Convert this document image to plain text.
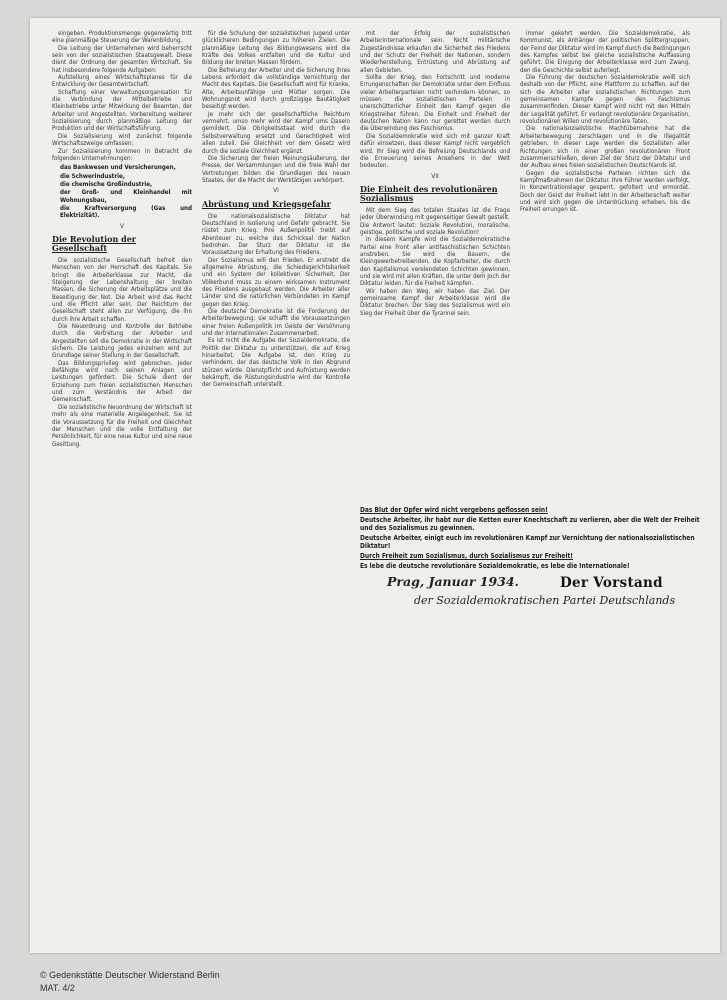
eingeben. Produktionsmenge gegenwärtig tritt eine planmäßige Steuerung der Warenbildung.

Die Leitung der Unternehmen wird beherrscht sein von der sozialistischen Staatsgewalt. Diese dient der Ordnung der gesamten Wirtschaft. Sie hat insbesondere folgende Aufgaben:

Aufstellung eines Wirtschaftsplanes für die Entwicklung der Gesamtwirtschaft.

Schaffung einer Verwaltungsorganisation für die Verbindung der Mittelbetriebe und Kleinbetriebe unter Mitwirkung der Beamten, der Arbeiter und Angestellten. Vorbereitung weiterer Sozialisierung durch planmäßige Leitung der Produktion und der Wirtschaftsführung.

Die Sozialisierung wird zunächst folgende Wirtschaftszweige umfassen:

Zur Sozialisierung kommen in Betracht die folgenden Unternehmungen:

das Bankwesen und Versicherungen,
die Schwerindustrie,
die chemische Großindustrie,
der Groß- und Kleinhandel mit Wohnungsbau,
die Kraftversorgung (Gas und Elektrizität).
V
Die Revolution der Gesellschaft

Die sozialistische Gesellschaft befreit den Menschen von der Herrschaft des Kapitals. Sie bringt die Arbeiterklasse zur Macht, die Steigerung der Lebenshaltung der breiten Massen, die Sicherung der Arbeitsplätze und die Beseitigung der Not. Die Arbeit wird das Recht und die Pflicht aller sein. Der Reichtum der Gesellschaft steht allen zur Verfügung, die ihn durch ihre Arbeit schaffen.

Die Neuordnung und Kontrolle der Betriebe durch die Vertretung der Arbeiter und Angestellten soll die Demokratie in der Wirtschaft sichern. Die Leistung jedes einzelnen wird zur Grundlage seiner Stellung in der Gesellschaft.

Das Bildungsprivileg wird gebrochen. Jeder Befähigte wird nach seinen Anlagen und Leistungen gefördert. Die Schule dient der Erziehung zum freien sozialistischen Menschen und zum Verständnis der Arbeit der Gemeinschaft.

Die sozialistische Neuordnung der Wirtschaft ist mehr als eine materielle Angelegenheit. Sie ist die Voraussetzung für die Freiheit und Gleichheit der Menschen und die volle Entfaltung der Persönlichkeit, für eine neue Kultur und eine neue Gesittung.

für die Schulung der sozialistischen Jugend unter glücklicheren Bedingungen zu höheren Zielen. Die planmäßige Leitung des Bildungswesens wird die Kräfte des Volkes entfalten und die Kultur und Bildung der breiten Massen fördern.

Die Befreiung der Arbeiter und die Sicherung ihres Lebens erfordert die vollständige Vernichtung der Macht des Kapitals. Die Gesellschaft wird für Kranke, Alte, Arbeitsunfähige und Mütter sorgen. Die Wohnungsnot wird durch großzügige Bautätigkeit beseitigt werden.

Je mehr sich der gesellschaftliche Reichtum vermehrt, umso mehr wird der Kampf ums Dasein gemildert. Die Obrigkeitsstaat wird durch die Selbstverwaltung ersetzt und Gerechtigkeit wird allen zuteil. Die Gleichheit vor dem Gesetz wird durch die soziale Gleichheit ergänzt.

Die Sicherung der freien Meinungsäußerung, der Presse, der Versammlungen und die freie Wahl der Vertretungen bilden die Grundlagen des neuen Staates, der die Macht der Werktätigen verkörpert.

VI
Abrüstung und Kriegsgefahr

Die nationalsozialistische Diktatur hat Deutschland in Isolierung und Gefahr gebracht. Sie rüstet zum Krieg. Ihre Außenpolitik treibt auf Abenteuer zu, welche das Schicksal der Nation bedrohen. Der Sturz der Diktatur ist die Voraussetzung der Erhaltung des Friedens.

Der Sozialismus will den Frieden. Er erstrebt die allgemeine Abrüstung, die Schiedsgerichtsbarkeit und ein System der kollektiven Sicherheit. Der Völkerbund muss zu einem wirksamen Instrument des Friedens ausgebaut werden. Die Arbeiter aller Länder sind die natürlichen Verbündeten im Kampf gegen den Krieg.

Die deutsche Demokratie ist die Forderung der Arbeiterbewegung; sie schafft die Voraussetzungen einer freien Außenpolitik im Geiste der Versöhnung und der internationalen Zusammenarbeit.

Es ist nicht die Aufgabe der Sozialdemokratie, die Politik der Diktatur zu unterstützen, die auf Krieg hinarbeitet. Die Aufgabe ist, den Krieg zu verhindern, der das deutsche Volk in den Abgrund stürzen würde. Dienstpflicht und Aufrüstung werden bekämpft, die Rüstungsindustrie wird der Kontrolle der Gemeinschaft unterstellt.

mit der Erfolg der sozialistischen Arbeiterinternationale sein. Nicht militärische Zugeständnisse erkaufen die Sicherheit des Friedens und der Schutz der Freiheit der Nationen, sondern Wiederherstellung, Entrüstung und Abrüstung auf allen Gebieten.

Sollte der Krieg, den Fortschritt und moderne Errungenschaften der Demokratie unter dem Einfluss vieler Arbeiterparteien nicht verhindern können, so müssen die sozialistischen Parteien in unerschütterlicher Einheit den Kampf gegen die Kriegstreiber führen. Die Einheit und Freiheit der deutschen Nation kann nur gerettet werden durch die Überwindung des Faschismus.

Die Sozialdemokratie wird sich mit ganzer Kraft dafür einsetzen, dass dieser Kampf nicht vergeblich wird. Ihr Sieg wird die Befreiung Deutschlands und die Erneuerung seines Ansehens in der Welt bedeuten.

VII
Die Einheit des revolutionären Sozialismus

Mit dem Sieg des totalen Staates ist die Frage jeder Überwindung mit gegenseitiger Gewalt gestellt. Die Antwort lautet: Soziale Revolution, moralische, geistige, politische und soziale Revolution!

In diesem Kampfe wird die Sozialdemokratische Partei eine Front aller antifaschistischen Schichten anstreben. Sie wird die Bauern, die Kleingewerbetreibenden, die Kopfarbeiter, die durch den Kapitalismus verelendeten Schichten gewinnen, und sie wird mit allen Kräften, die unter dem Joch der Diktatur leiden, für die Freiheit kämpfen.

Wir haben den Weg, wir haben das Ziel. Der gemeinsame Kampf der Arbeiterklasse wird die Diktatur brechen. Der Sieg des Sozialismus wird ein Sieg der Freiheit über die Tyrannei sein.

immer gekehrt werden. Die Sozialdemokratie, als Kommunist, als Anhänger der politischen Splittergruppen, der Feind der Diktatur wird im Kampf durch die Bedingungen des Kampfes selbst bei gleiche sozialistische Auffassung geführt. Die Einigung der Arbeiterklasse wird zum Zwang, den die Geschichte selbst auferlegt.

Die Führung der deutschen Sozialdemokratie weiß sich deshalb von der Pflicht, eine Plattform zu schaffen, auf der sich die Arbeiter aller sozialistischen Richtungen zum gemeinsamen Kampfe gegen den Faschismus zusammenfinden. Dieser Kampf wird nicht mit den Mitteln der Legalität geführt. Er verlangt revolutionäre Organisation, revolutionären Willen und revolutionäre Taten.

Die nationalsozialistische Machtübernahme hat die Arbeiterbewegung zerschlagen und in die Illegalität getrieben. In dieser Lage werden die Sozialisten aller Richtungen sich in einer großen revolutionären Front zusammenschließen, deren Ziel der Sturz der Diktatur und der Aufbau eines freien sozialistischen Deutschlands ist.

Gegen die sozialistische Parteien richten sich die Kampfmaßnahmen der Diktatur. Ihre Führer werden verfolgt, in Konzentrationslager gesperrt, gefoltert und ermordet. Doch der Geist der Freiheit lebt in der Arbeiterschaft weiter und wird sich gegen die Unterdrückung erheben, bis die Freiheit errungen ist.

Das Blut der Opfer wird nicht vergebens geflossen sein!

Deutsche Arbeiter, ihr habt nur die Ketten eurer Knechtschaft zu verlieren, aber die Welt der Freiheit und des Sozialismus zu gewinnen.

Deutsche Arbeiter, einigt euch im revolutionären Kampf zur Vernichtung der nationalsozialistischen Diktatur!

Durch Freiheit zum Sozialismus, durch Sozialismus zur Freiheit!

Es lebe die deutsche revolutionäre Sozialdemokratie, es lebe die Internationale!

Prag, Januar 1934.	Der Vorstand
der Sozialdemokratischen Partei Deutschlands
© Gedenkstätte Deutscher Widerstand Berlin
MAT. 4/2
